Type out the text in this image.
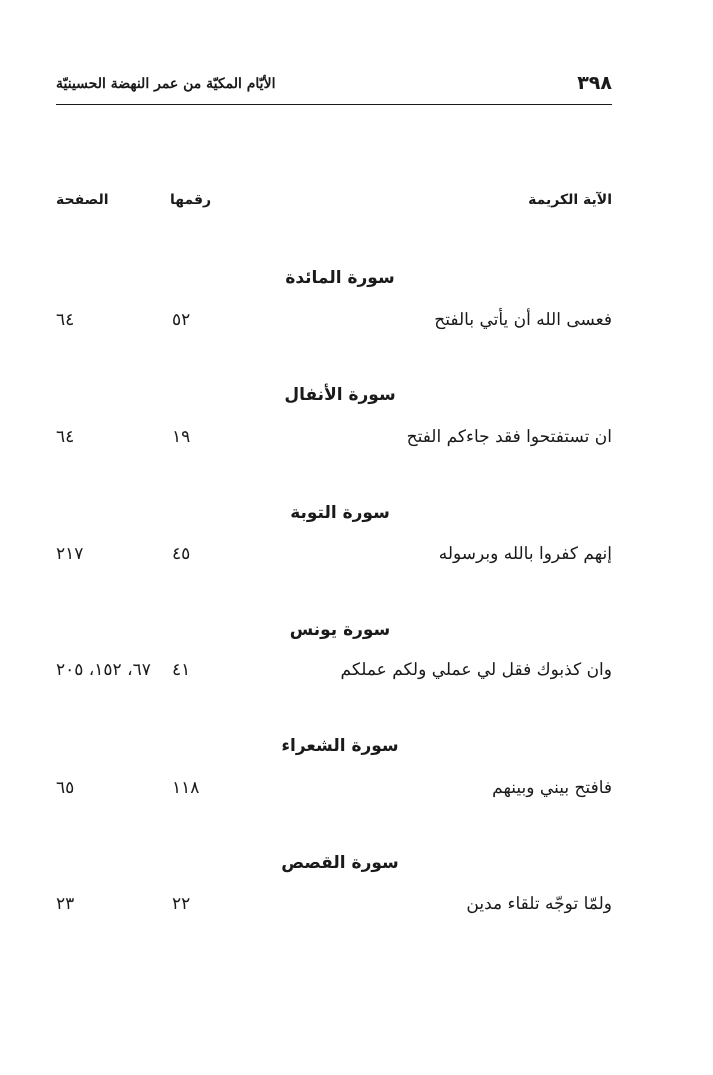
٣٩٨
الأيّام المكيّة من عمر النهضة الحسينيّة
الآية الكريمة
رقمها
الصفحة
سورة المائدة
فعسى الله أن يأتي بالفتح
٥٢
٦٤
سورة الأنفال
ان تستفتحوا فقد جاءكم الفتح
١٩
٦٤
سورة التوبة
إنهم كفروا بالله وبرسوله
٤٥
٢١٧
سورة يونس
وان كذبوك فقل لي عملي ولكم عملكم
٤١
٦٧، ١٥٢، ٢٠٥
سورة الشعراء
فافتح بيني وبينهم
١١٨
٦٥
سورة القصص
ولمّا توجّه تلقاء مدين
٢٢
٢٣
